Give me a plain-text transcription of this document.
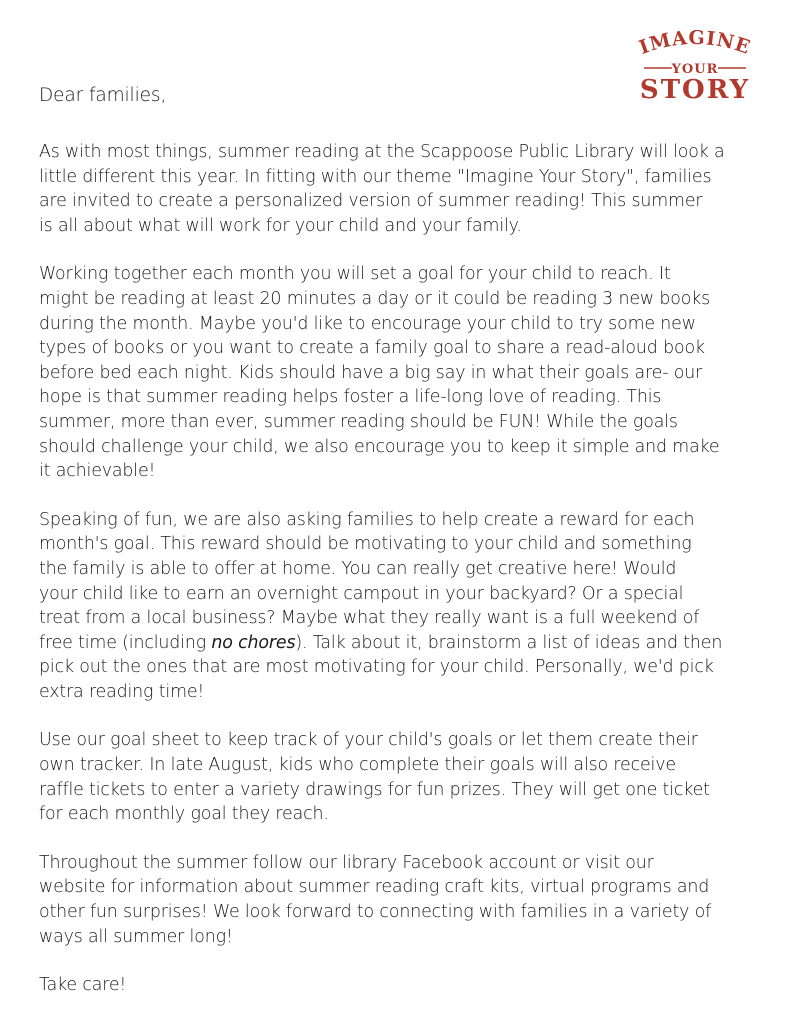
IMAGINE
YOUR
STORY

Dear families,

As with most things, summer reading at the Scappoose Public Library will look a
little different this year. In fitting with our theme "Imagine Your Story", families
are invited to create a personalized version of summer reading! This summer
is all about what will work for your child and your family.

Working together each month you will set a goal for your child to reach. It
might be reading at least 20 minutes a day or it could be reading 3 new books
during the month. Maybe you'd like to encourage your child to try some new
types of books or you want to create a family goal to share a read-aloud book
before bed each night. Kids should have a big say in what their goals are- our
hope is that summer reading helps foster a life-long love of reading. This
summer, more than ever, summer reading should be FUN! While the goals
should challenge your child, we also encourage you to keep it simple and make
it achievable!

Speaking of fun, we are also asking families to help create a reward for each
month's goal. This reward should be motivating to your child and something
the family is able to offer at home. You can really get creative here! Would
your child like to earn an overnight campout in your backyard? Or a special
treat from a local business? Maybe what they really want is a full weekend of
free time (including no chores). Talk about it, brainstorm a list of ideas and then
pick out the ones that are most motivating for your child. Personally, we'd pick
extra reading time!

Use our goal sheet to keep track of your child's goals or let them create their
own tracker. In late August, kids who complete their goals will also receive
raffle tickets to enter a variety drawings for fun prizes. They will get one ticket
for each monthly goal they reach.

Throughout the summer follow our library Facebook account or visit our
website for information about summer reading craft kits, virtual programs and
other fun surprises! We look forward to connecting with families in a variety of
ways all summer long!

Take care!
